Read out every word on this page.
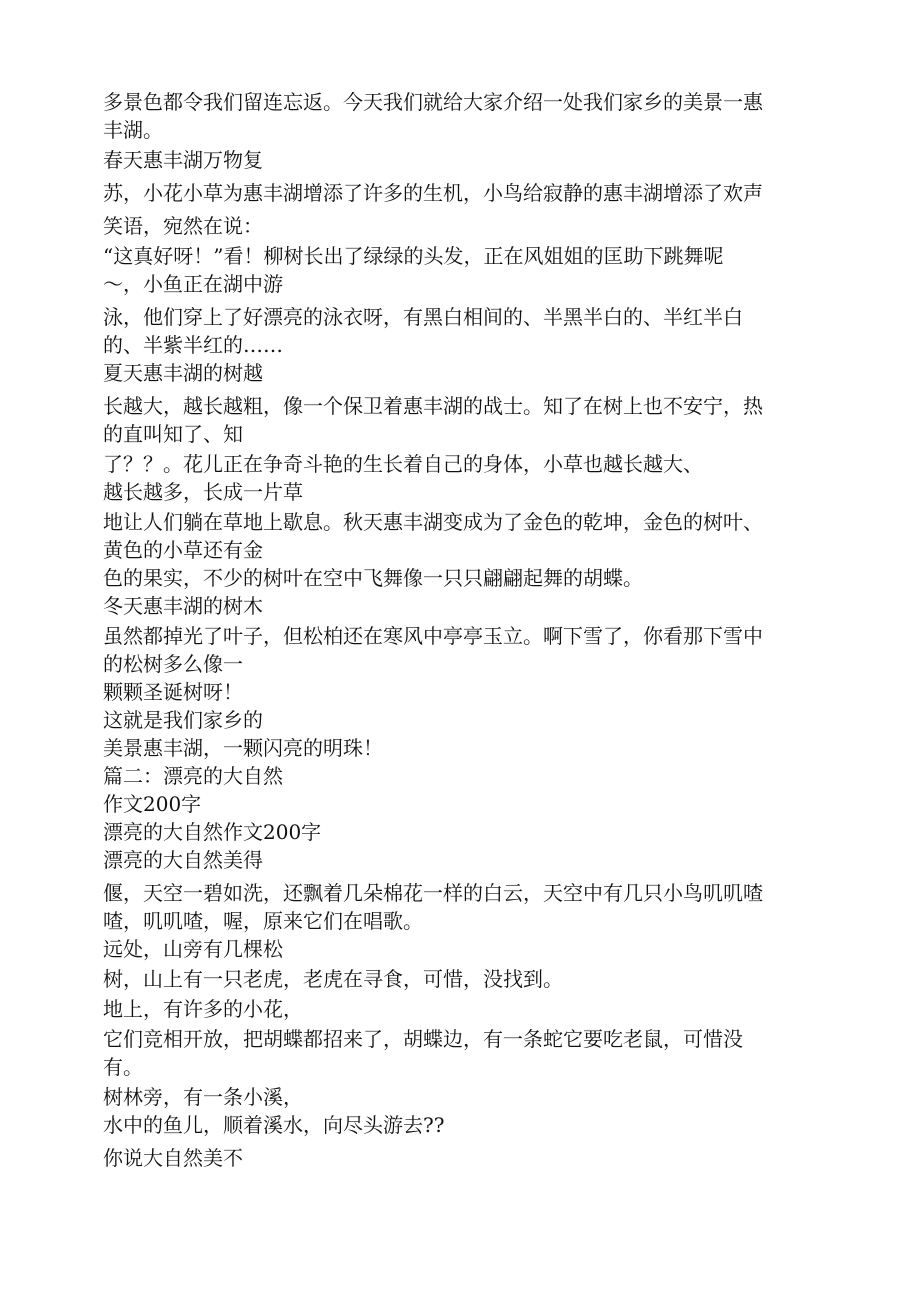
多景色都令我们留连忘返。今天我们就给大家介绍一处我们家乡的美景一惠
丰湖。
春天惠丰湖万物复
苏，小花小草为惠丰湖增添了许多的生机，小鸟给寂静的惠丰湖增添了欢声
笑语，宛然在说：
“这真好呀！”看！柳树长出了绿绿的头发，正在风姐姐的匡助下跳舞呢
～，小鱼正在湖中游
泳，他们穿上了好漂亮的泳衣呀，有黑白相间的、半黑半白的、半红半白
的、半紫半红的……
夏天惠丰湖的树越
长越大，越长越粗，像一个保卫着惠丰湖的战士。知了在树上也不安宁，热
的直叫知了、知
了？？。花儿正在争奇斗艳的生长着自己的身体，小草也越长越大、
越长越多，长成一片草
地让人们躺在草地上歇息。秋天惠丰湖变成为了金色的乾坤，金色的树叶、
黄色的小草还有金
色的果实，不少的树叶在空中飞舞像一只只翩翩起舞的胡蝶。
冬天惠丰湖的树木
虽然都掉光了叶子，但松柏还在寒风中亭亭玉立。啊下雪了，你看那下雪中
的松树多么像一
颗颗圣诞树呀！
这就是我们家乡的
美景惠丰湖，一颗闪亮的明珠！
篇二：漂亮的大自然
作文200字
漂亮的大自然作文200字
漂亮的大自然美得
偃，天空一碧如洗，还飘着几朵棉花一样的白云，天空中有几只小鸟叽叽喳
喳，叽叽喳，喔，原来它们在唱歌。
远处，山旁有几棵松
树，山上有一只老虎，老虎在寻食，可惜，没找到。
地上，有许多的小花，
它们竞相开放，把胡蝶都招来了，胡蝶边，有一条蛇它要吃老鼠，可惜没
有。
树林旁，有一条小溪，
水中的鱼儿，顺着溪水，向尽头游去??
你说大自然美不
